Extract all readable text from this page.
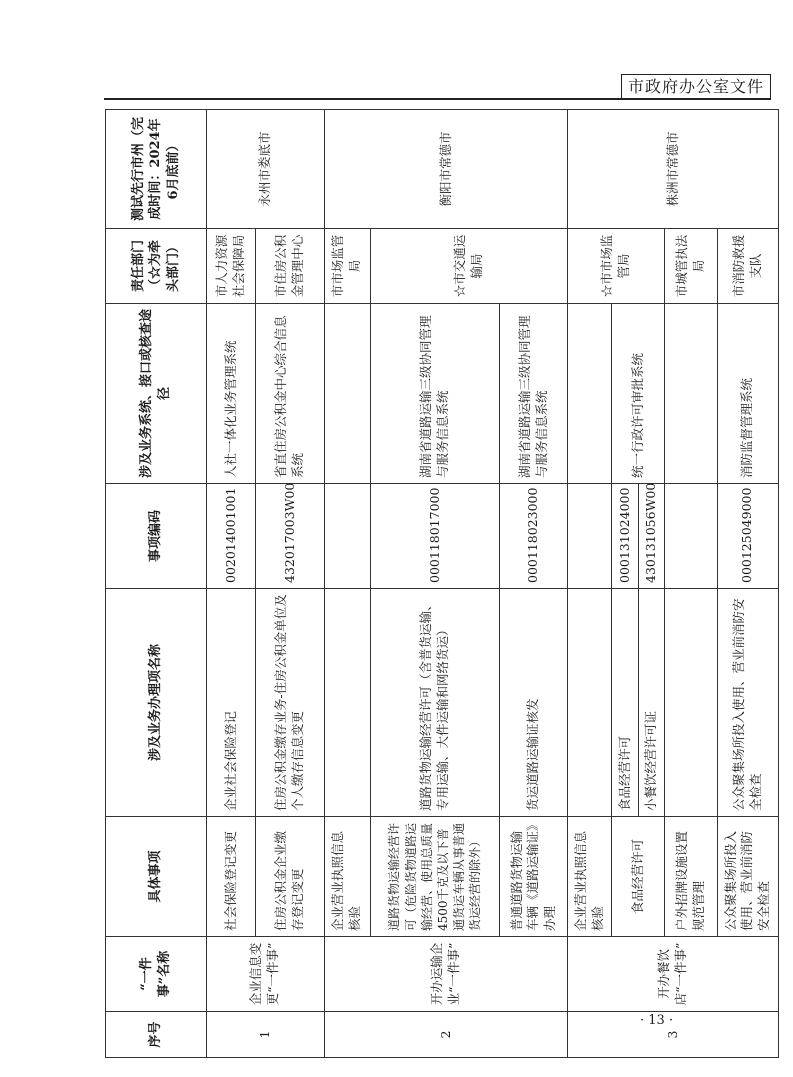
市政府办公室文件
序号	“一件事”名称	具体事项	涉及业务办理项名称	事项编码	涉及业务系统、接口或核查途径	责任部门（☆为牵头部门）	测试先行市州（完成时间：2024年6月底前）
1	企业信息变更“一件事”	社会保险登记变更	企业社会保险登记	002014001001	人社一体化业务管理系统	市人力资源社会保障局	永州市娄底市
		住房公积金企业缴存登记变更	住房公积金缴存业务-住房公积金单位及个人缴存信息变更	432017003W00	省直住房公积金中心综合信息系统	市住房公积金管理中心	
2	开办运输企业“一件事”	企业营业执照信息核验				市市场监管局	衡阳市常德市
		道路货物运输经营许可（危险货物道路运输经营、使用总质量4500千克及以下普通货运车辆从事普通货运经营的除外）	道路货物运输经营许可（含普货运输、专用运输、大件运输和网络货运）	000118017000	湖南省道路运输三级协同管理与服务信息系统	☆市交通运输局	
		普通道路货物运输车辆《道路运输证》办理	货运道路运输证核发	000118023000	湖南省道路运输三级协同管理与服务信息系统		
3	开办餐饮店“一件事”	企业营业执照信息核验				☆市市场监管局	株洲市常德市
		食品经营许可	食品经营许可	000131024000	统一行政许可审批系统		
			小餐饮经营许可证	430131056W00			
		户外招牌设施设置规范管理				市城管执法局	
		公众聚集场所投入使用、营业前消防安全检查	公众聚集场所投入使用、营业前消防安全检查	000125049000	消防监督管理系统	市消防救援支队	
· 13 ·
